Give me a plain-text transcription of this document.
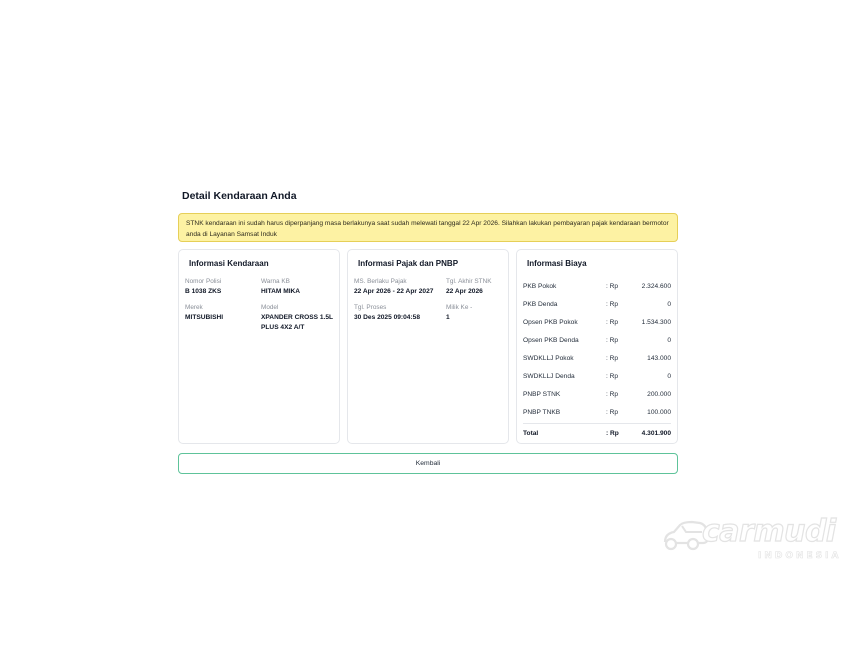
Detail Kendaraan Anda
STNK kendaraan ini sudah harus diperpanjang masa berlakunya saat sudah melewati tanggal 22 Apr 2026. Silahkan lakukan pembayaran pajak kendaraan bermotor anda di Layanan Samsat Induk
Informasi Kendaraan
Nomor Polisi
B 1038 ZKS
Warna KB
HITAM MIKA
Merek
MITSUBISHI
Model
XPANDER CROSS 1.5L PLUS 4X2 A/T
Informasi Pajak dan PNBP
MS. Berlaku Pajak
22 Apr 2026 - 22 Apr 2027
Tgl. Akhir STNK
22 Apr 2026
Tgl. Proses
30 Des 2025 09:04:58
Milik Ke -
1
Informasi Biaya
PKB Pokok	: Rp	2.324.600
PKB Denda	: Rp	0
Opsen PKB Pokok	: Rp	1.534.300
Opsen PKB Denda	: Rp	0
SWDKLLJ Pokok	: Rp	143.000
SWDKLLJ Denda	: Rp	0
PNBP STNK	: Rp	200.000
PNBP TNKB	: Rp	100.000
Total	: Rp	4.301.900
Kembali
carmudi
INDONESIA
